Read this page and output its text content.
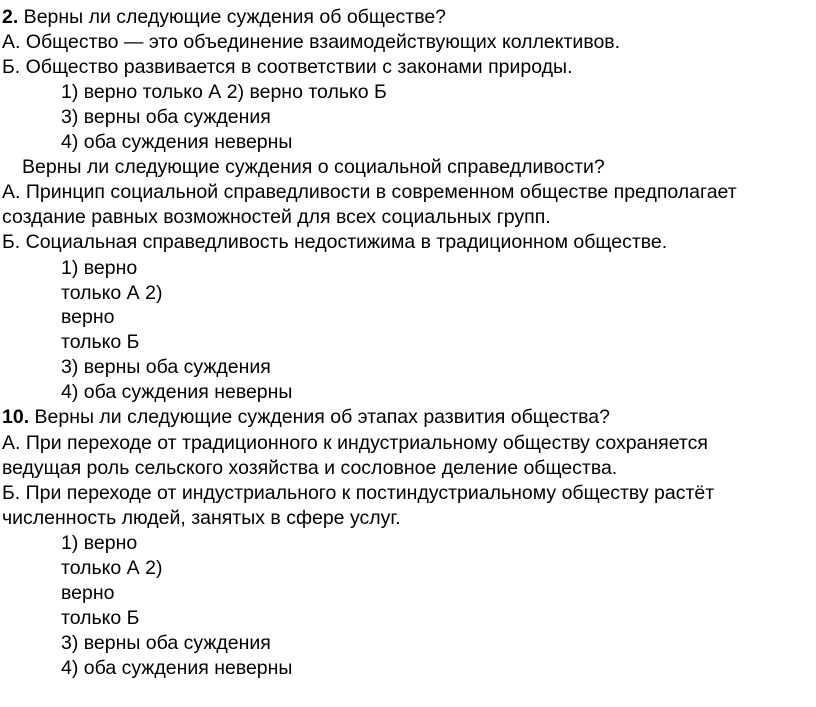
2. Верны ли следующие суждения об обществе?
А. Общество — это объединение взаимодействующих коллективов.
Б. Общество развивается в соответствии с законами природы.
1) верно только А 2) верно только Б
3) верны оба суждения
4) оба суждения неверны
Верны ли следующие суждения о социальной справедливости?
А. Принцип социальной справедливости в современном обществе предполагает
создание равных возможностей для всех социальных групп.
Б. Социальная справедливость недостижима в традиционном обществе.
1) верно
только А 2)
верно
только Б
3) верны оба суждения
4) оба суждения неверны
10. Верны ли следующие суждения об этапах развития общества?
А. При переходе от традиционного к индустриальному обществу сохраняется
ведущая роль сельского хозяйства и сословное деление общества.
Б. При переходе от индустриального к постиндустриальному обществу растёт
численность людей, занятых в сфере услуг.
1) верно
только А 2)
верно
только Б
3) верны оба суждения
4) оба суждения неверны
